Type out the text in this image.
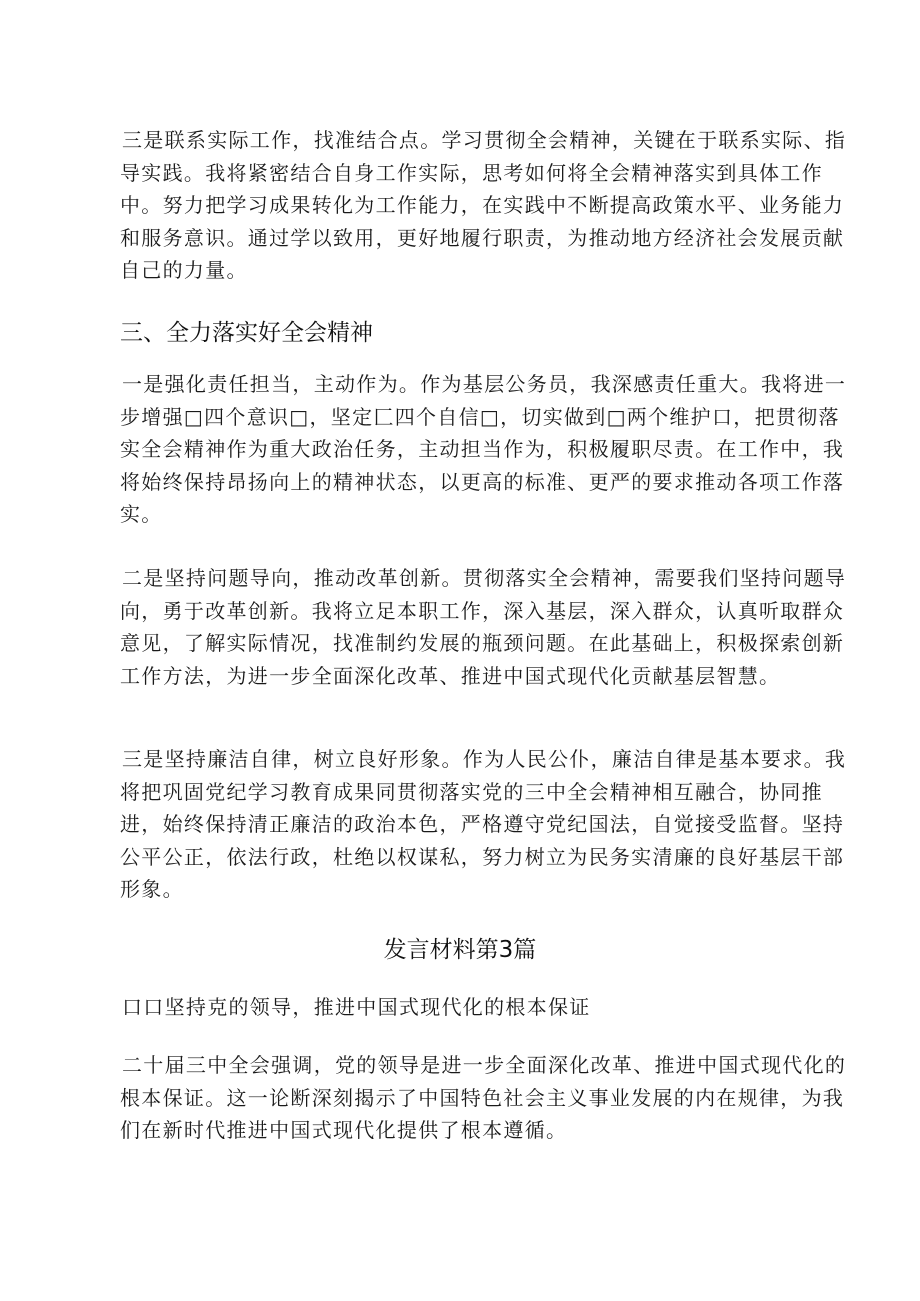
三是联系实际工作，找准结合点。学习贯彻全会精神，关键在于联系实际、指导实践。我将紧密结合自身工作实际，思考如何将全会精神落实到具体工作中。努力把学习成果转化为工作能力，在实践中不断提高政策水平、业务能力和服务意识。通过学以致用，更好地履行职责，为推动地方经济社会发展贡献自己的力量。
三、全力落实好全会精神
一是强化责任担当，主动作为。作为基层公务员，我深感责任重大。我将进一步增强□四个意识□，坚定匚四个自信□，切实做到□两个维护口，把贯彻落实全会精神作为重大政治任务，主动担当作为，积极履职尽责。在工作中，我将始终保持昂扬向上的精神状态，以更高的标准、更严的要求推动各项工作落实。
二是坚持问题导向，推动改革创新。贯彻落实全会精神，需要我们坚持问题导向，勇于改革创新。我将立足本职工作，深入基层，深入群众，认真听取群众意见，了解实际情况，找准制约发展的瓶颈问题。在此基础上，积极探索创新工作方法，为进一步全面深化改革、推进中国式现代化贡献基层智慧。
三是坚持廉洁自律，树立良好形象。作为人民公仆，廉洁自律是基本要求。我将把巩固党纪学习教育成果同贯彻落实党的三中全会精神相互融合，协同推进，始终保持清正廉洁的政治本色，严格遵守党纪国法，自觉接受监督。坚持公平公正，依法行政，杜绝以权谋私，努力树立为民务实清廉的良好基层干部形象。
发言材料第3篇
口口坚持克的领导，推进中国式现代化的根本保证
二十届三中全会强调，党的领导是进一步全面深化改革、推进中国式现代化的根本保证。这一论断深刻揭示了中国特色社会主义事业发展的内在规律，为我们在新时代推进中国式现代化提供了根本遵循。
